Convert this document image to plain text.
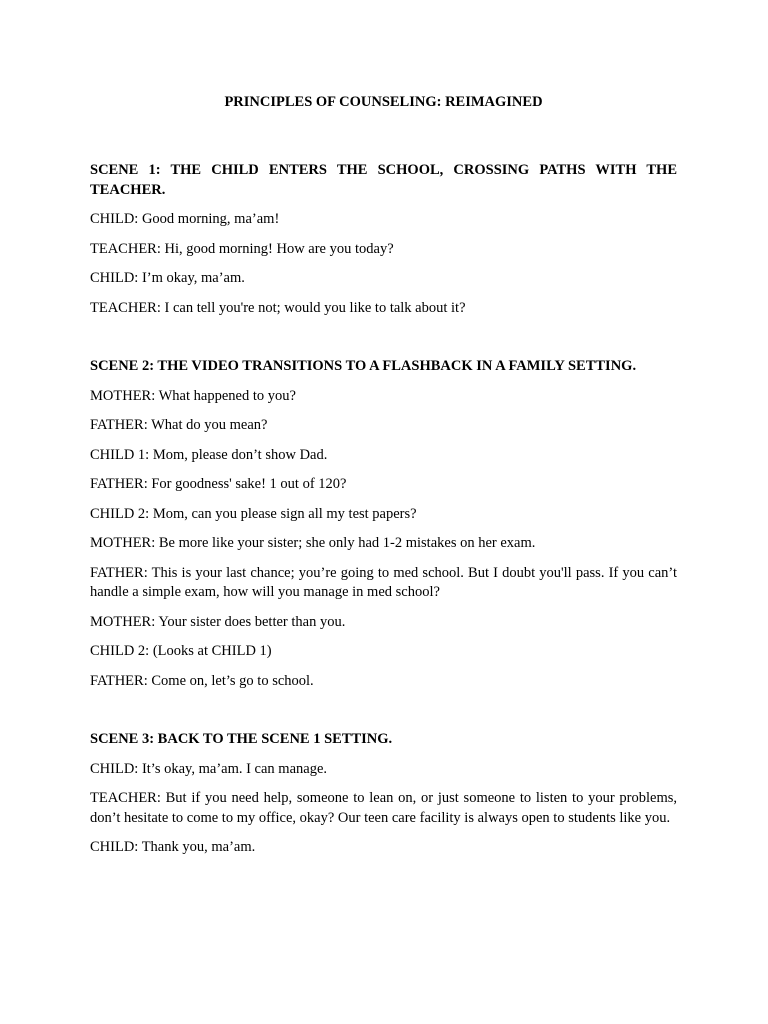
PRINCIPLES OF COUNSELING: REIMAGINED

SCENE 1: THE CHILD ENTERS THE SCHOOL, CROSSING PATHS WITH THE TEACHER.

CHILD: Good morning, ma’am!

TEACHER: Hi, good morning! How are you today?

CHILD: I’m okay, ma’am.

TEACHER: I can tell you're not; would you like to talk about it?

SCENE 2: THE VIDEO TRANSITIONS TO A FLASHBACK IN A FAMILY SETTING.

MOTHER: What happened to you?

FATHER: What do you mean?

CHILD 1: Mom, please don’t show Dad.

FATHER: For goodness' sake! 1 out of 120?

CHILD 2: Mom, can you please sign all my test papers?

MOTHER: Be more like your sister; she only had 1-2 mistakes on her exam.

FATHER: This is your last chance; you’re going to med school. But I doubt you'll pass. If you can’t handle a simple exam, how will you manage in med school?

MOTHER: Your sister does better than you.

CHILD 2: (Looks at CHILD 1)

FATHER: Come on, let’s go to school.

SCENE 3: BACK TO THE SCENE 1 SETTING.

CHILD: It’s okay, ma’am. I can manage.

TEACHER: But if you need help, someone to lean on, or just someone to listen to your problems, don’t hesitate to come to my office, okay? Our teen care facility is always open to students like you.

CHILD: Thank you, ma’am.
